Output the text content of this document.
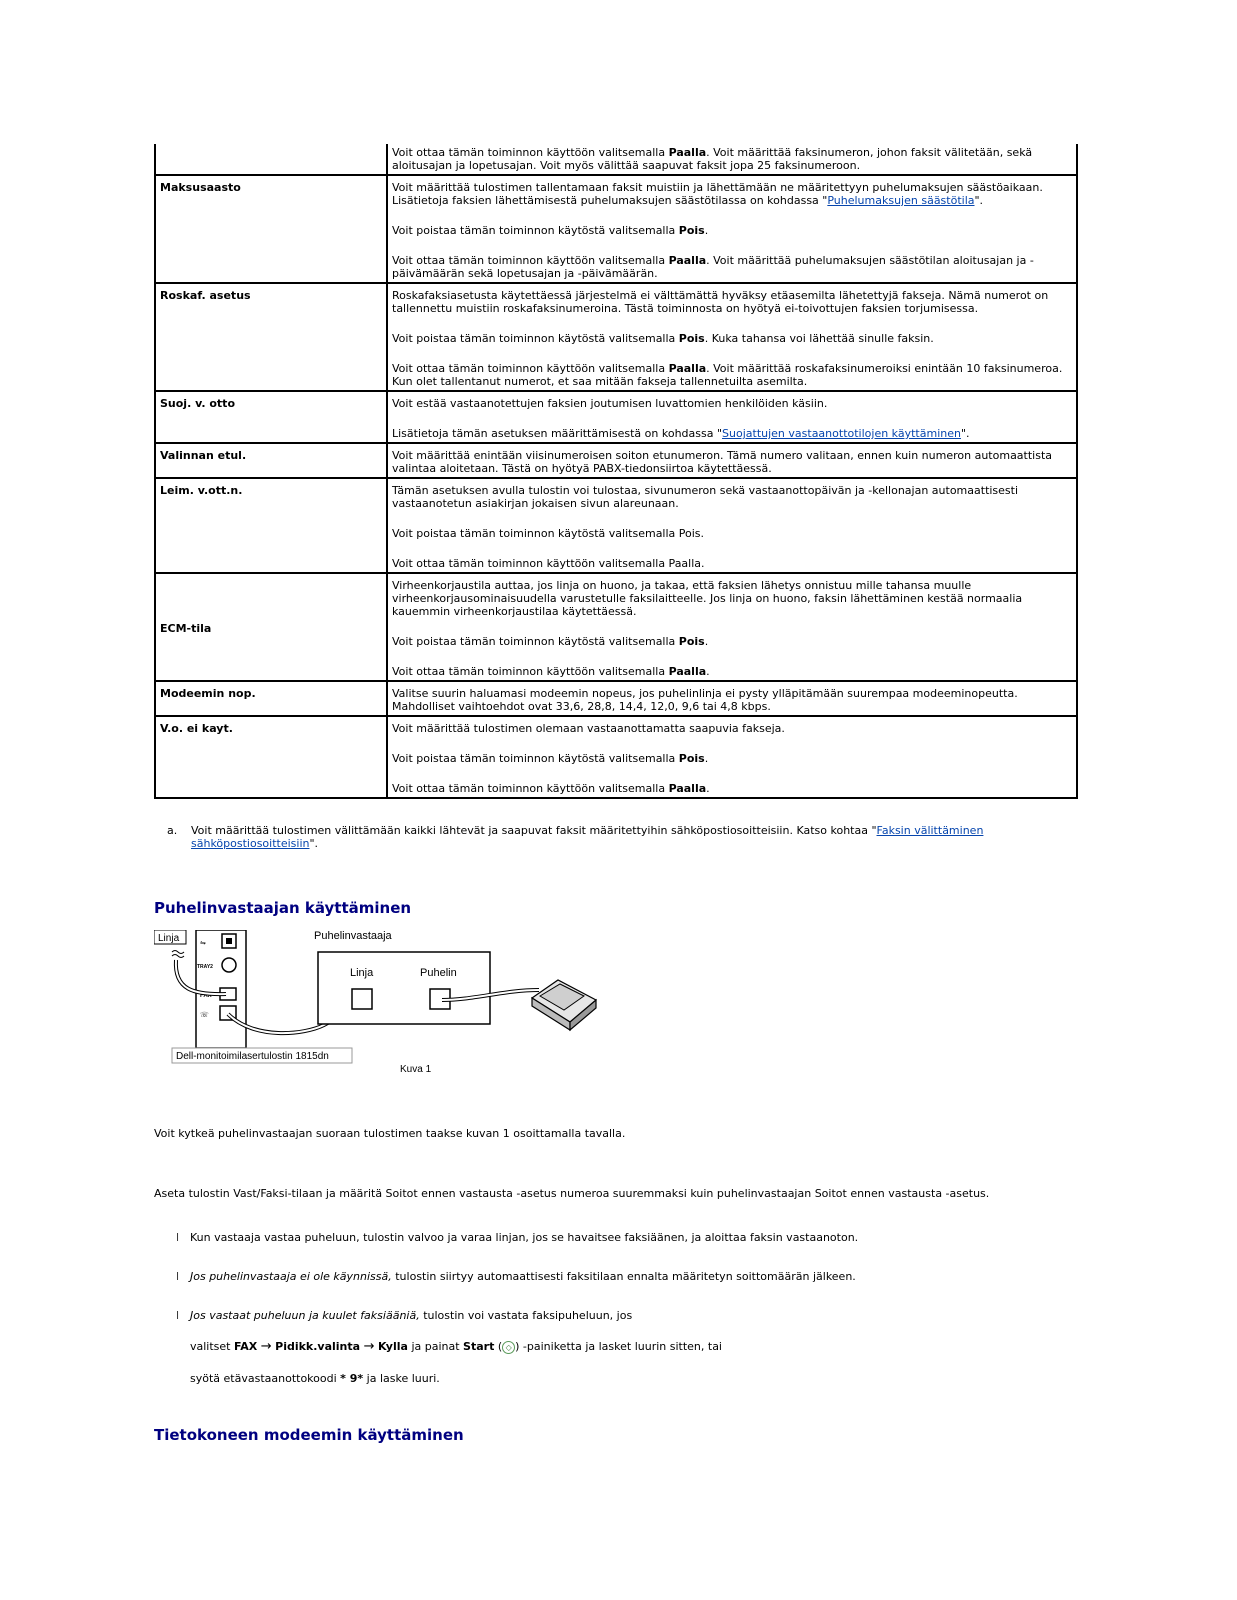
	Voit ottaa tämän toiminnon käyttöön valitsemalla Paalla. Voit määrittää faksinumeron, johon faksit välitetään, sekä aloitusajan ja lopetusajan. Voit myös välittää saapuvat faksit jopa 25 faksinumeroon.

Maksusaasto	Voit määrittää tulostimen tallentamaan faksit muistiin ja lähettämään ne määritettyyn puhelumaksujen säästöaikaan. Lisätietoja faksien lähettämisestä puhelumaksujen säästötilassa on kohdassa "Puhelumaksujen säästötila".

Voit poistaa tämän toiminnon käytöstä valitsemalla Pois.

Voit ottaa tämän toiminnon käyttöön valitsemalla Paalla. Voit määrittää puhelumaksujen säästötilan aloitusajan ja -päivämäärän sekä lopetusajan ja -päivämäärän.

Roskaf. asetus	Roskafaksiasetusta käytettäessä järjestelmä ei välttämättä hyväksy etäasemilta lähetettyjä fakseja. Nämä numerot on tallennettu muistiin roskafaksinumeroina. Tästä toiminnosta on hyötyä ei-toivottujen faksien torjumisessa.

Voit poistaa tämän toiminnon käytöstä valitsemalla Pois. Kuka tahansa voi lähettää sinulle faksin.

Voit ottaa tämän toiminnon käyttöön valitsemalla Paalla. Voit määrittää roskafaksinumeroiksi enintään 10 faksinumeroa. Kun olet tallentanut numerot, et saa mitään fakseja tallennetuilta asemilta.

Suoj. v. otto	Voit estää vastaanotettujen faksien joutumisen luvattomien henkilöiden käsiin.

Lisätietoja tämän asetuksen määrittämisestä on kohdassa "Suojattujen vastaanottotilojen käyttäminen".

Valinnan etul.	Voit määrittää enintään viisinumeroisen soiton etunumeron. Tämä numero valitaan, ennen kuin numeron automaattista valintaa aloitetaan. Tästä on hyötyä PABX-tiedonsiirtoa käytettäessä.

Leim. v.ott.n.	Tämän asetuksen avulla tulostin voi tulostaa, sivunumeron sekä vastaanottopäivän ja -kellonajan automaattisesti vastaanotetun asiakirjan jokaisen sivun alareunaan.

Voit poistaa tämän toiminnon käytöstä valitsemalla Pois.

Voit ottaa tämän toiminnon käyttöön valitsemalla Paalla.

ECM-tila	Virheenkorjaustila auttaa, jos linja on huono, ja takaa, että faksien lähetys onnistuu mille tahansa muulle virheenkorjausominaisuudella varustetulle faksilaitteelle. Jos linja on huono, faksin lähettäminen kestää normaalia kauemmin virheenkorjaustilaa käytettäessä.

Voit poistaa tämän toiminnon käytöstä valitsemalla Pois.

Voit ottaa tämän toiminnon käyttöön valitsemalla Paalla.

Modeemin nop.	Valitse suurin haluamasi modeemin nopeus, jos puhelinlinja ei pysty ylläpitämään suurempaa modeeminopeutta. Mahdolliset vaihtoehdot ovat 33,6, 28,8, 14,4, 12,0, 9,6 tai 4,8 kbps.

V.o. ei kayt.	Voit määrittää tulostimen olemaan vastaanottamatta saapuvia fakseja.

Voit poistaa tämän toiminnon käytöstä valitsemalla Pois.

Voit ottaa tämän toiminnon käyttöön valitsemalla Paalla.

a. Voit määrittää tulostimen välittämään kaikki lähtevät ja saapuvat faksit määritettyihin sähköpostiosoitteisiin. Katso kohtaa "Faksin välittäminen sähköpostiosoitteisiin".
Puhelinvastaajan käyttäminen
Linja	⇋
TRAY2
FAX
☏
Puhelinvastaaja
Linja	Puhelin
Dell-monitoimilasertulostin 1815dn
Kuva 1
Voit kytkeä puhelinvastaajan suoraan tulostimen taakse kuvan 1 osoittamalla tavalla.
Aseta tulostin Vast/Faksi-tilaan ja määritä Soitot ennen vastausta -asetus numeroa suuremmaksi kuin puhelinvastaajan Soitot ennen vastausta -asetus.
l Kun vastaaja vastaa puheluun, tulostin valvoo ja varaa linjan, jos se havaitsee faksiäänen, ja aloittaa faksin vastaanoton.
l Jos puhelinvastaaja ei ole käynnissä, tulostin siirtyy automaattisesti faksitilaan ennalta määritetyn soittomäärän jälkeen.
l Jos vastaat puheluun ja kuulet faksiääniä, tulostin voi vastata faksipuheluun, jos
valitset FAX → Pidikk.valinta → Kylla ja painat Start ( ◇ ) -painiketta ja lasket luurin sitten, tai
syötä etävastaanottokoodi * 9* ja laske luuri.
Tietokoneen modeemin käyttäminen
